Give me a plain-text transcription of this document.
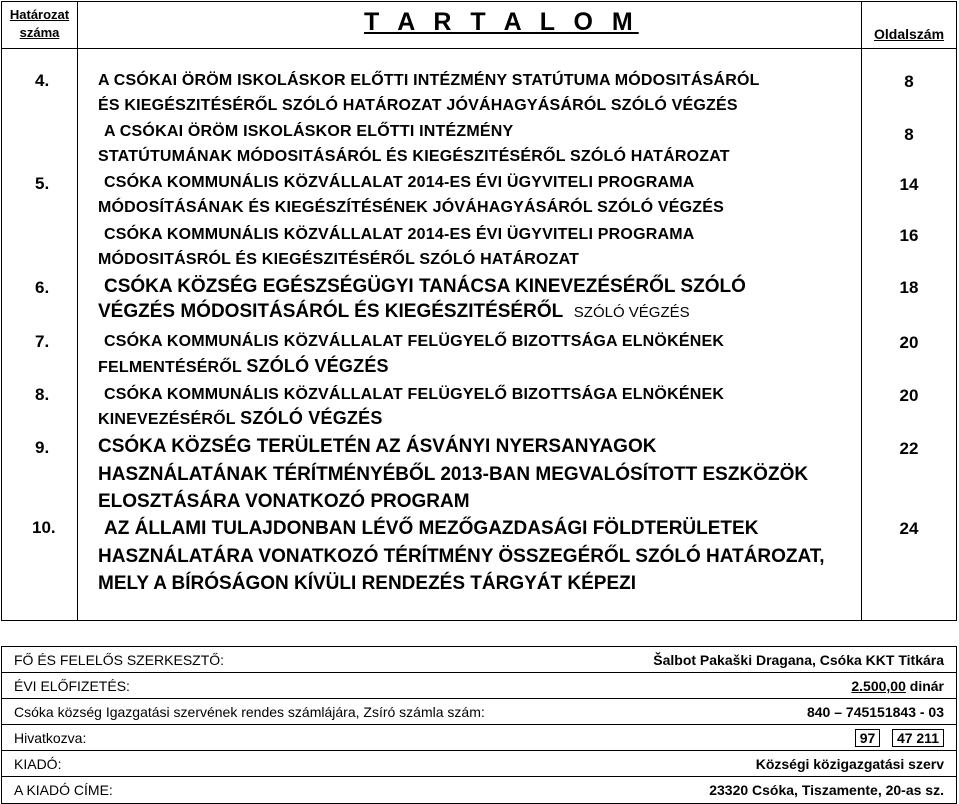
Határozat
száma	T A R T A L O M	Oldalszám
4.	A CSÓKAI ÖRÖM ISKOLÁSKOR ELŐTTI INTÉZMÉNY STATÚTUMA MÓDOSITÁSÁRÓL
ÉS KIEGÉSZITÉSÉRŐL SZÓLÓ HATÁROZAT JÓVÁHAGYÁSÁRÓL SZÓLÓ VÉGZÉS
8
A CSÓKAI ÖRÖM ISKOLÁSKOR ELŐTTI INTÉZMÉNY
STATÚTUMÁNAK MÓDOSITÁSÁRÓL ÉS KIEGÉSZITÉSÉRŐL SZÓLÓ HATÁROZAT
8
5.	CSÓKA KOMMUNÁLIS KÖZVÁLLALAT 2014-ES ÉVI ÜGYVITELI PROGRAMA
MÓDOSÍTÁSÁNAK ÉS KIEGÉSZÍTÉSÉNEK JÓVÁHAGYÁSÁRÓL SZÓLÓ VÉGZÉS
14
CSÓKA KOMMUNÁLIS KÖZVÁLLALAT 2014-ES ÉVI ÜGYVITELI PROGRAMA
MÓDOSITÁSRÓL ÉS KIEGÉSZITÉSÉRŐL SZÓLÓ HATÁROZAT
16
6.	CSÓKA KÖZSÉG EGÉSZSÉGÜGYI TANÁCSA KINEVEZÉSÉRŐL SZÓLÓ
VÉGZÉS MÓDOSITÁSÁRÓL ÉS KIEGÉSZITÉSÉRŐL SZÓLÓ VÉGZÉS
18
7.	CSÓKA KOMMUNÁLIS KÖZVÁLLALAT FELÜGYELŐ BIZOTTSÁGA ELNÖKÉNEK
FELMENTÉSÉRŐL SZÓLÓ VÉGZÉS
20
8.	CSÓKA KOMMUNÁLIS KÖZVÁLLALAT FELÜGYELŐ BIZOTTSÁGA ELNÖKÉNEK
KINEVEZÉSÉRŐL SZÓLÓ VÉGZÉS
20
9.	CSÓKA KÖZSÉG TERÜLETÉN AZ ÁSVÁNYI NYERSANYAGOK
HASZNÁLATÁNAK TÉRÍTMÉNYÉBŐL 2013-BAN MEGVALÓSÍTOTT ESZKÖZÖK
ELOSZTÁSÁRA VONATKOZÓ PROGRAM
22
10.	AZ ÁLLAMI TULAJDONBAN LÉVŐ MEZŐGAZDASÁGI FÖLDTERÜLETEK
HASZNÁLATÁRA VONATKOZÓ TÉRÍTMÉNY ÖSSZEGÉRŐL SZÓLÓ HATÁROZAT,
MELY A BÍRÓSÁGON KÍVÜLI RENDEZÉS TÁRGYÁT KÉPEZI
24
FŐ ÉS FELELŐS SZERKESZTŐ:	Šalbot Pakaški Dragana, Csóka KKT Titkára
ÉVI ELŐFIZETÉS:	2.500,00 dinár
Csóka község Igazgatási szervének rendes számlájára, Zsíró számla szám:	840 – 745151843 - 03
Hivatkozva:	97 47 211
KIADÓ:	Községi közigazgatási szerv
A KIADÓ CÍME:	23320 Csóka, Tiszamente, 20-as sz.
